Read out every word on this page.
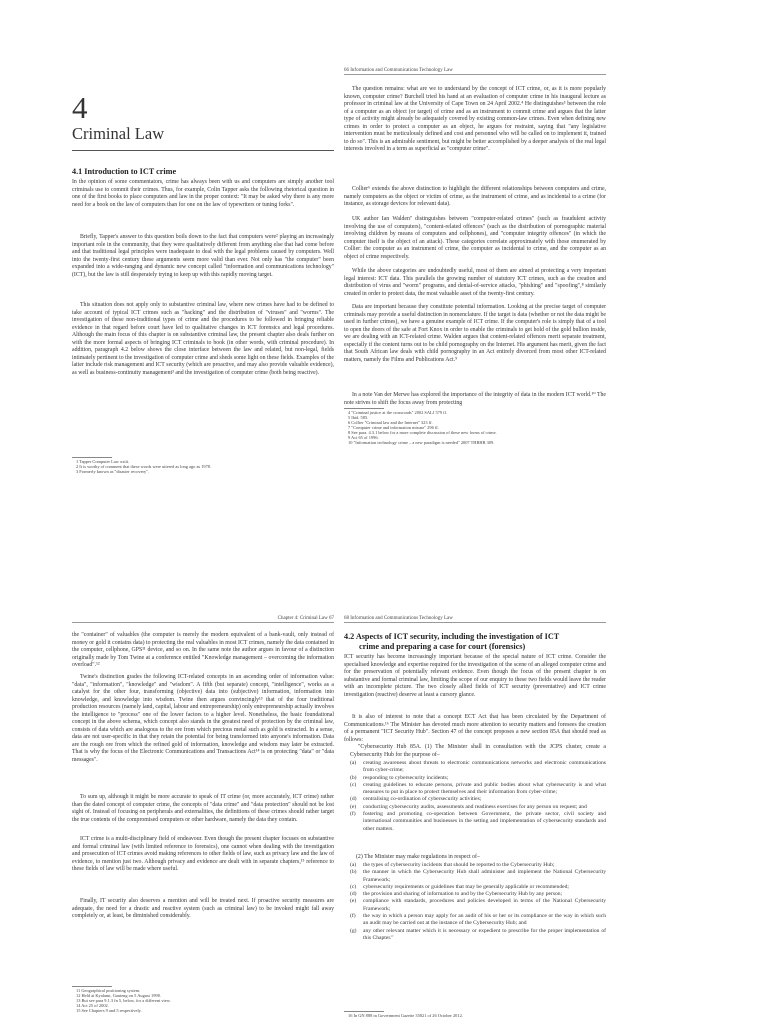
4
Criminal Law
4.1 Introduction to ICT crime

In the opinion of some commentators, crime has always been with us and computers are simply another tool criminals use to commit their crimes. Thus, for example, Colin Tapper asks the following rhetorical question in one of the first books to place computers and law in the proper context: "It may be asked why there is any more need for a book on the law of computers than for one on the law of typewriters or tuning forks".

Briefly, Tapper's answer to this question boils down to the fact that computers were² playing an increasingly important role in the community, that they were qualitatively different from anything else that had come before and that traditional legal principles were inadequate to deal with the legal problems caused by computers. Well into the twenty-first century these arguments seem more valid than ever. Not only has "the computer" been expanded into a wide-ranging and dynamic new concept called "information and communications technology" (ICT), but the law is still desperately trying to keep up with this rapidly moving target.

This situation does not apply only to substantive criminal law, where new crimes have had to be defined to take account of typical ICT crimes such as "hacking" and the distribution of "viruses" and "worms". The investigation of these non-traditional types of crime and the procedures to be followed in bringing reliable evidence in that regard before court have led to qualitative changes in ICT forensics and legal procedures. Although the main focus of this chapter is on substantive criminal law, the present chapter also deals further on with the more formal aspects of bringing ICT criminals to book (in other words, with criminal procedure). In addition, paragraph 4.2 below shows the close interface between the law and related, but non-legal, fields intimately pertinent to the investigation of computer crime and sheds some light on these fields. Examples of the latter include risk management and ICT security (which are proactive, and may also provide valuable evidence), as well as business-continuity management³ and the investigation of computer crime (both being reactive).

1 Tapper Computer Law xxiii.

2 It is worthy of comment that these words were uttered as long ago as 1978.

3 Formerly known as "disaster recovery".

66 Information and Communications Technology Law

The question remains: what are we to understand by the concept of ICT crime, or, as it is more popularly known, computer crime? Burchell tried his hand at an evaluation of computer crime in his inaugural lecture as professor in criminal law at the University of Cape Town on 24 April 2002.⁴ He distinguishes⁵ between the role of a computer as an object (or target) of crime and as an instrument to commit crime and argues that the latter type of activity might already be adequately covered by existing common-law crimes. Even when defining new crimes in order to protect a computer as an object, he argues for restraint, saying that "any legislative intervention must be meticulously defined and cost and personnel who will be called on to implement it, trained to do so". This is an admirable sentiment, but might be better accomplished by a deeper analysis of the real legal interests involved in a term as superficial as "computer crime".

Collier⁶ extends the above distinction to highlight the different relationships between computers and crime, namely computers as the object or victim of crime, as the instrument of crime, and as incidental to a crime (for instance, as storage devices for relevant data).

UK author Ian Walden⁷ distinguishes between "computer-related crimes" (such as fraudulent activity involving the use of computers), "content-related offences" (such as the distribution of pornographic material involving children by means of computers and cellphones), and "computer integrity offences" (in which the computer itself is the object of an attack). These categories correlate approximately with those enumerated by Collier: the computer as an instrument of crime, the computer as incidental to crime, and the computer as an object of crime respectively.

While the above categories are undoubtedly useful, most of them are aimed at protecting a very important legal interest: ICT data. This parallels the growing number of statutory ICT crimes, such as the creation and distribution of virus and "worm" programs, and denial-of-service attacks, "phishing" and "spoofing",⁸ similarly created in order to protect data, the most valuable asset of the twenty-first century.

Data are important because they constitute potential information. Looking at the precise target of computer criminals may provide a useful distinction in nomenclature. If the target is data (whether or not the data might be used in further crimes), we have a genuine example of ICT crime. If the computer's role is simply that of a tool to open the doors of the safe at Fort Knox in order to enable the criminals to get hold of the gold bullion inside, we are dealing with an ICT-related crime. Walden argues that content-related offences merit separate treatment, especially if the content turns out to be child pornography on the Internet. His argument has merit, given the fact that South African law deals with child pornography in an Act entirely divorced from most other ICT-related matters, namely the Films and Publications Act.⁹

In a note Van der Merwe has explored the importance of the integrity of data in the modern ICT world.¹⁰ The note strives to shift the focus away from protecting

4 "Criminal justice at the crossroads" 2002 SALJ 579 ff.

5 Ibid. 585.

6 Collier "Criminal law and the Internet" 323 ff.

7 "Computer crime and information misuse" 296 ff.

8 See para. 4.3.1 below for a more complete discussion of these new forms of crime.

9 Act 65 of 1996.

10 "Information technology crime – a new paradigm is needed" 2007 THRHR 309.

Chapter 4: Criminal Law 67

the "container" of valuables (the computer is merely the modern equivalent of a bank-vault, only instead of money or gold it contains data) to protecting the real valuables in most ICT crimes, namely the data contained in the computer, cellphone, GPS¹¹ device, and so on. In the same note the author argues in favour of a distinction originally made by Tom Twine at a conference entitled "Knowledge management – overcoming the information overload".¹²

Twine's distinction grades the following ICT-related concepts in an ascending order of information value: "data", "information", "knowledge" and "wisdom". A fifth (but separate) concept, "intelligence", works as a catalyst for the other four, transforming (objective) data into (subjective) information, information into knowledge, and knowledge into wisdom. Twine then argues convincingly¹³ that of the four traditional production resources (namely land, capital, labour and entrepreneurship) only entrepreneurship actually involves the intelligence to "process" one of the lower factors to a higher level. Nonetheless, the basic foundational concept in the above schema, which concept also stands in the greatest need of protection by the criminal law, consists of data which are analogous to the ore from which precious metal such as gold is extracted. In a sense, data are not user-specific in that they retain the potential for being transformed into anyone's information. Data are the rough ore from which the refined gold of information, knowledge and wisdom may later be extracted. That is why the focus of the Electronic Communications and Transactions Act¹⁴ is on protecting "data" or "data messages".

To sum up, although it might be more accurate to speak of IT crime (or, more accurately, ICT crime) rather than the dated concept of computer crime, the concepts of "data crime" and "data protection" should not be lost sight of. Instead of focusing on peripherals and externalities, the definitions of these crimes should rather target the true contents of the compromised computers or other hardware, namely the data they contain.

ICT crime is a multi-disciplinary field of endeavour. Even though the present chapter focuses on substantive and formal criminal law (with limited reference to forensics), one cannot when dealing with the investigation and prosecution of ICT crimes avoid making references to other fields of law, such as privacy law and the law of evidence, to mention just two. Although privacy and evidence are dealt with in separate chapters,¹⁵ reference to these fields of law will be made where useful.

Finally, IT security also deserves a mention and will be treated next. If proactive security measures are adequate, the need for a drastic and reactive system (such as criminal law) to be invoked might fall away completely or, at least, be diminished considerably.

11 Geographical positioning system.

12 Held at Kyalami, Gauteng on 5 August 1998.

13 But see para 9.1.3 fn 5, below, for a different view.

14 Act 25 of 2002.

15 See Chapters 9 and 5 respectively.

68 Information and Communications Technology Law
4.2 Aspects of ICT security, including the investigation of ICT
crime and preparing a case for court (forensics)

ICT security has become increasingly important because of the special nature of ICT crime. Consider the specialised knowledge and expertise required for the investigation of the scene of an alleged computer crime and for the preservation of potentially relevant evidence. Even though the focus of the present chapter is on substantive and formal criminal law, limiting the scope of our enquiry to these two fields would leave the reader with an incomplete picture. The two closely allied fields of ICT security (preventative) and ICT crime investigation (reactive) deserve at least a cursory glance.

It is also of interest to note that a concept ECT Act that has been circulated by the Department of Communications.¹⁶ The Minister has devoted much more attention to security matters and foresees the creation of a permanent "ICT Security Hub". Section 47 of the concept proposes a new section 85A that should read as follows:

"Cybersecurity Hub 85A. (1) The Minister shall in consultation with the JCPS cluster, create a Cybersecurity Hub for the purpose of–

(a)	creating awareness about threats to electronic communications networks and electronic communications from cyber-crime;
(b)	responding to cybersecurity incidents;
(c)	creating guidelines to educate persons, private and public bodies about what cybersecurity is and what measures to put in place to protect themselves and their information from cyber-crime;
(d)	centralising co-ordination of cybersecurity activities;
(e)	conducting cybersecurity audits, assessments and readiness exercises for any person on request; and
(f)	fostering and promoting co-operation between Government, the private sector, civil society and international communities and businesses in the setting and implementation of cybersecurity standards and other matters.

(2) The Minister may make regulations in respect of–

(a)	the types of cybersecurity incidents that should be reported to the Cybersecurity Hub;
(b)	the manner in which the Cybersecurity Hub shall administer and implement the National Cybersecurity Framework;
(c)	cybersecurity requirements or guidelines that may be generally applicable or recommended;
(d)	the provision and sharing of information to and by the Cybersecurity Hub by any person;
(e)	compliance with standards, procedures and policies developed in terms of the National Cybersecurity Framework;
(f)	the way in which a person may apply for an audit of his or her or its compliance or the way in which such an audit may be carried out at the instance of the Cybersecurity Hub; and
(g)	any other relevant matter which it is necessary or expedient to prescribe for the proper implementation of this Chapter."

16 In GN 888 in Government Gazette 35821 of 26 October 2012.
